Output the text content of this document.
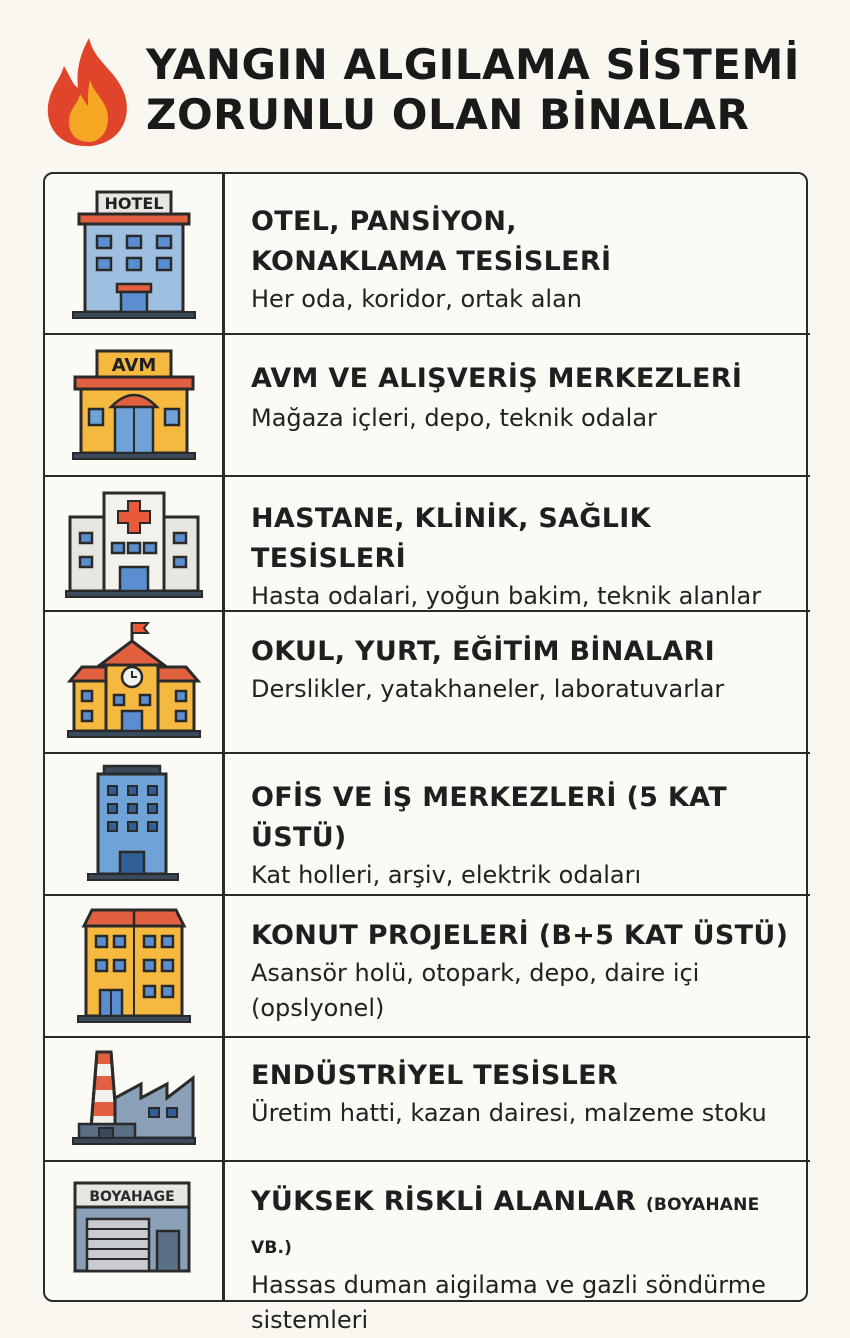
YANGIN ALGILAMA SİSTEMİ
ZORUNLU OLAN BİNALAR
HOTEL
OTEL, PANSİYON,
KONAKLAMA TESİSLERİ
Her oda, koridor, ortak alan
AVM	AVM VE ALIŞVERİŞ MERKEZLERİ
Mağaza içleri, depo, teknik odalar
HASTANE, KLİNİK, SAĞLIK TESİSLERİ
Hasta odalari, yoğun bakim, teknik alanlar
OKUL, YURT, EĞİTİM BİNALARI
Derslikler, yatakhaneler, laboratuvarlar
OFİS VE İŞ MERKEZLERİ (5 KAT ÜSTÜ)
Kat holleri, arşiv, elektrik odaları
KONUT PROJELERİ (B+5 KAT ÜSTÜ)
Asansör holü, otopark, depo, daire içi
(opslyonel)
ENDÜSTRİYEL TESİSLER
Üretim hatti, kazan dairesi, malzeme stoku
BOYAHAGE	YÜKSEK RİSKLİ ALANLAR (BOYAHANE VB.)
Hassas duman aigilama ve gazli söndürme
sistemleri
